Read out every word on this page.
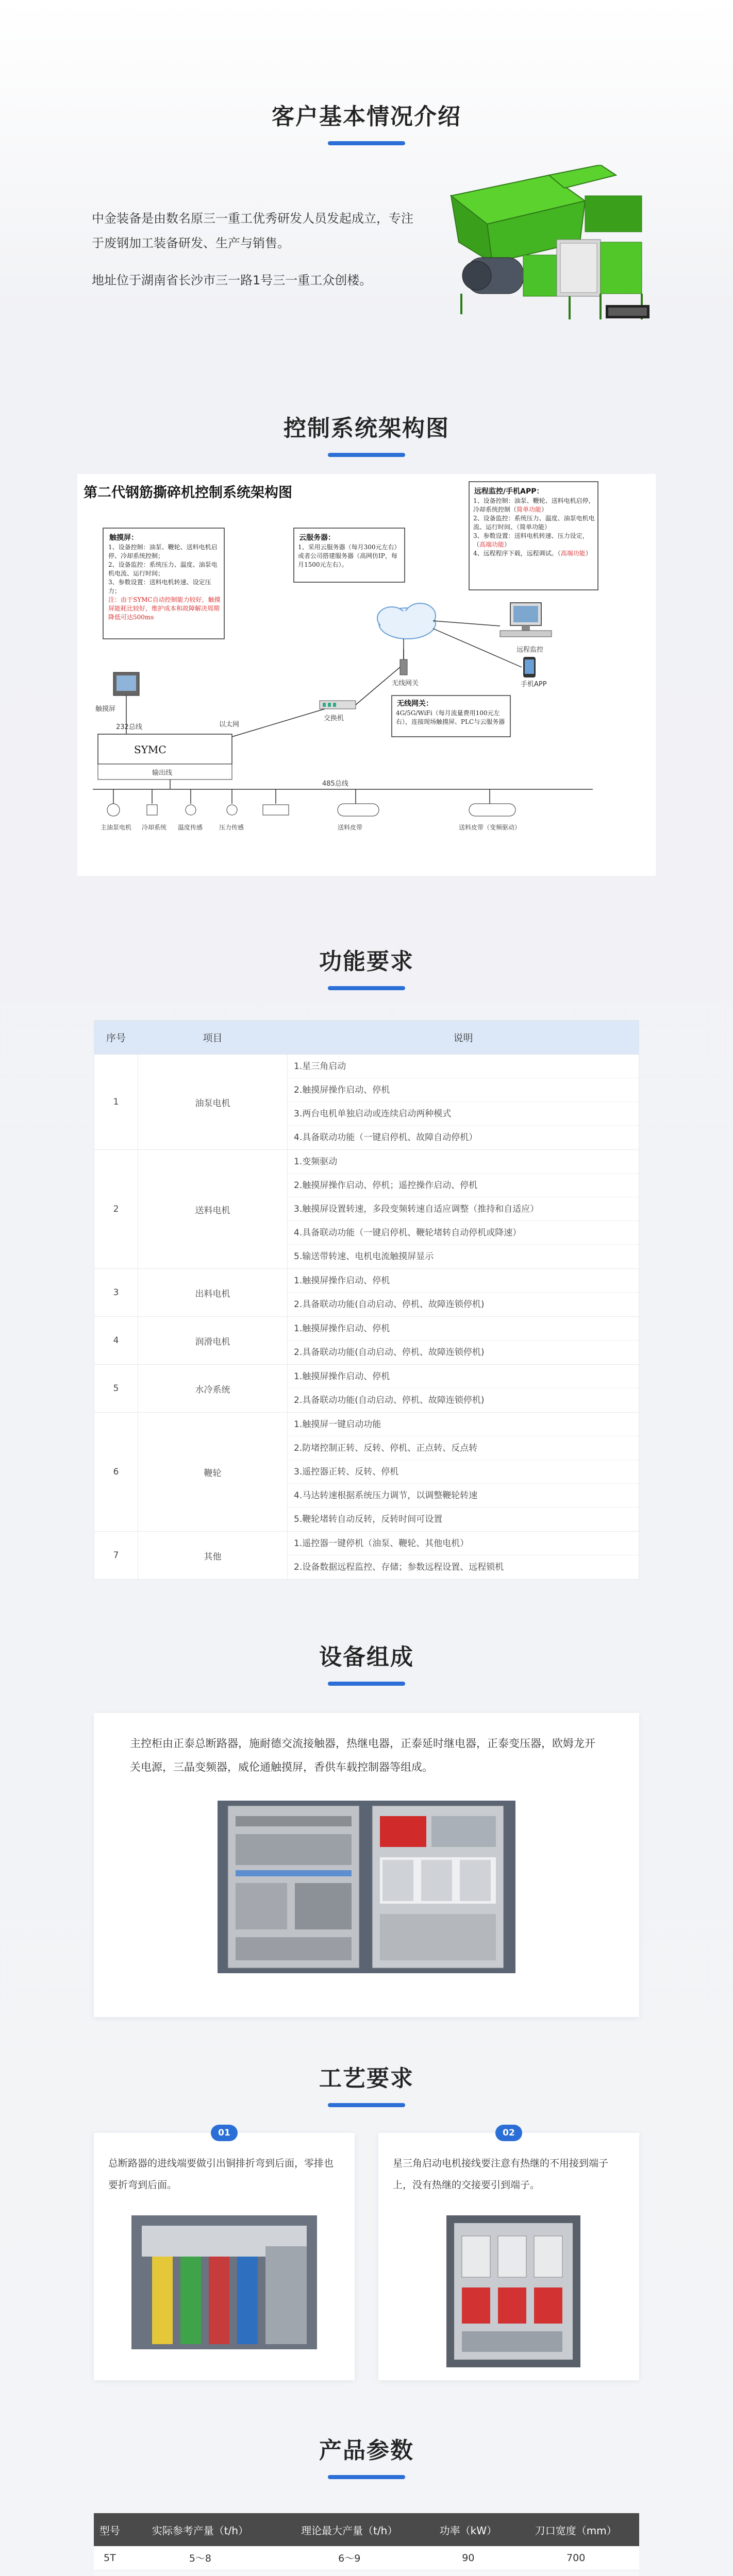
客户基本情况介绍

中金装备是由数名原三一重工优秀研发人员发起成立，专注于废钢加工装备研发、生产与销售。

地址位于湖南省长沙市三一路1号三一重工众创楼。

控制系统架构图
第二代钢筋撕碎机控制系统架构图
触摸屏：
1、设备控制：油泵、鞭轮、送料电机启停、冷却系统控制；
2、设备监控：系统压力、温度、油泵电机电流、运行时间；
3、参数设置：送料电机转速、设定压力；
注：由于SYMC自动控制能力较好，触摸屏能耗比较好，维护成本和故障解决周期降低可达500ms
云服务器：
1、采用云服务器（每月300元左右）
或者公司搭建服务器（高网仿IP，每月1500元左右）。
远程监控/手机APP：
1、设备控制：油泵、鞭轮、送料电机启停，冷却系统控制（简单功能）
2、设备监控：系统压力、温度、油泵电机电流、运行时间、（简单功能）
3、参数设置：送料电机转速、压力设定，（高端功能）
4、远程程序下载，远程调试。（高端功能）
远程监控
手机APP
无线网关
无线网关：
4G/5G/WiFi（每月流量费用100元左右），连接现场触摸屏、PLC与云服务器
交换机
触摸屏
232总线
SYMC
输出线
以太网
485总线
主油泵电机 冷却系统 温度传感	压力传感	送料皮带	送料皮带（变频驱动）
功能要求
序号	项目	说明
1	油泵电机	1.星三角启动
2.触摸屏操作启动、停机
3.两台电机单独启动或连续启动两种模式
4.具备联动功能（一键启停机、故障自动停机）

2	送料电机	1.变频驱动
2.触摸屏操作启动、停机；遥控操作启动、停机
3.触摸屏设置转速，多段变频转速自适应调整（推持和自适应）
4.具备联动功能（一键启停机、鞭轮堵转自动停机或降速）
5.输送带转速、电机电流触摸屏显示

3	出料电机	1.触摸屏操作启动、停机
2.具备联动功能(自动启动、停机、故障连锁停机)

4	润滑电机	1.触摸屏操作启动、停机
2.具备联动功能(自动启动、停机、故障连锁停机)

5	水冷系统	1.触摸屏操作启动、停机
2.具备联动功能(自动启动、停机、故障连锁停机)

6	鞭轮	1.触摸屏一键启动功能
2.防堵控制正转、反转、停机、正点转、反点转
3.遥控器正转、反转、停机
4.马达转速根据系统压力调节，以调整鞭轮转速
5.鞭轮堵转自动反转，反转时间可设置

7	其他	1.遥控器一键停机（油泵、鞭轮、其他电机）
2.设备数据远程监控、存储；参数远程设置、远程锁机
设备组成
主控柜由正泰总断路器，施耐德交流接触器，热继电器，正泰延时继电器，正泰变压器，欧姆龙开关电源，三晶变频器，威伦通触摸屏，香供车载控制器等组成。
工艺要求
01
总断路器的进线端要做引出铜排折弯到后面，零排也要折弯到后面。
02
星三角启动电机接线要注意有热继的不用接到端子上，没有热继的交接要引到端子。
产品参数
型号	实际参考产量（t/h）	理论最大产量（t/h）	功率（kW）	刀口宽度（mm）
5T	5～8	6～9	90	700
